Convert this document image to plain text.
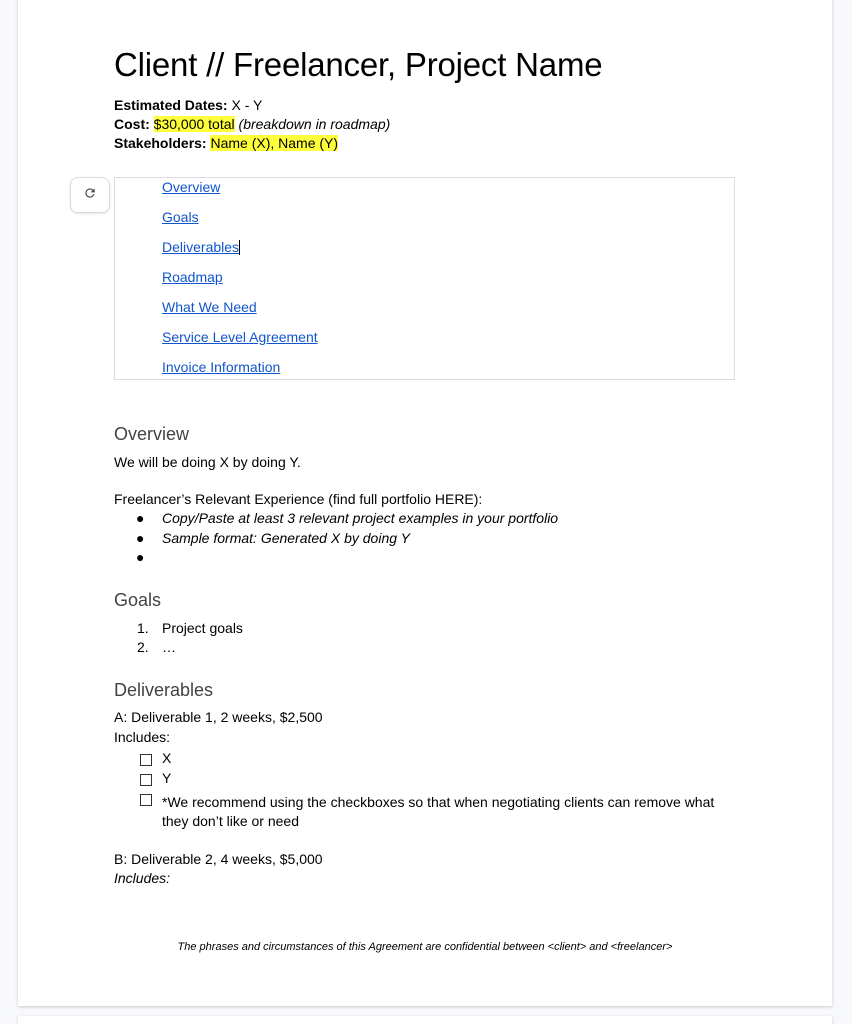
Client // Freelancer, Project Name
Estimated Dates: X - Y
Cost: $30,000 total (breakdown in roadmap)
Stakeholders: Name (X), Name (Y)
Overview
Goals
Deliverables
Roadmap
What We Need
Service Level Agreement
Invoice Information
Overview
We will be doing X by doing Y.
Freelancer’s Relevant Experience (find full portfolio HERE):
● Copy/Paste at least 3 relevant project examples in your portfolio
● Sample format: Generated X by doing Y
●
Goals
1. Project goals
2. …
Deliverables
A: Deliverable 1, 2 weeks, $2,500
Includes:
X
Y
*We recommend using the checkboxes so that when negotiating clients can remove what they don’t like or need
B: Deliverable 2, 4 weeks, $5,000
Includes:
The phrases and circumstances of this Agreement are confidential between <client> and <freelancer>
